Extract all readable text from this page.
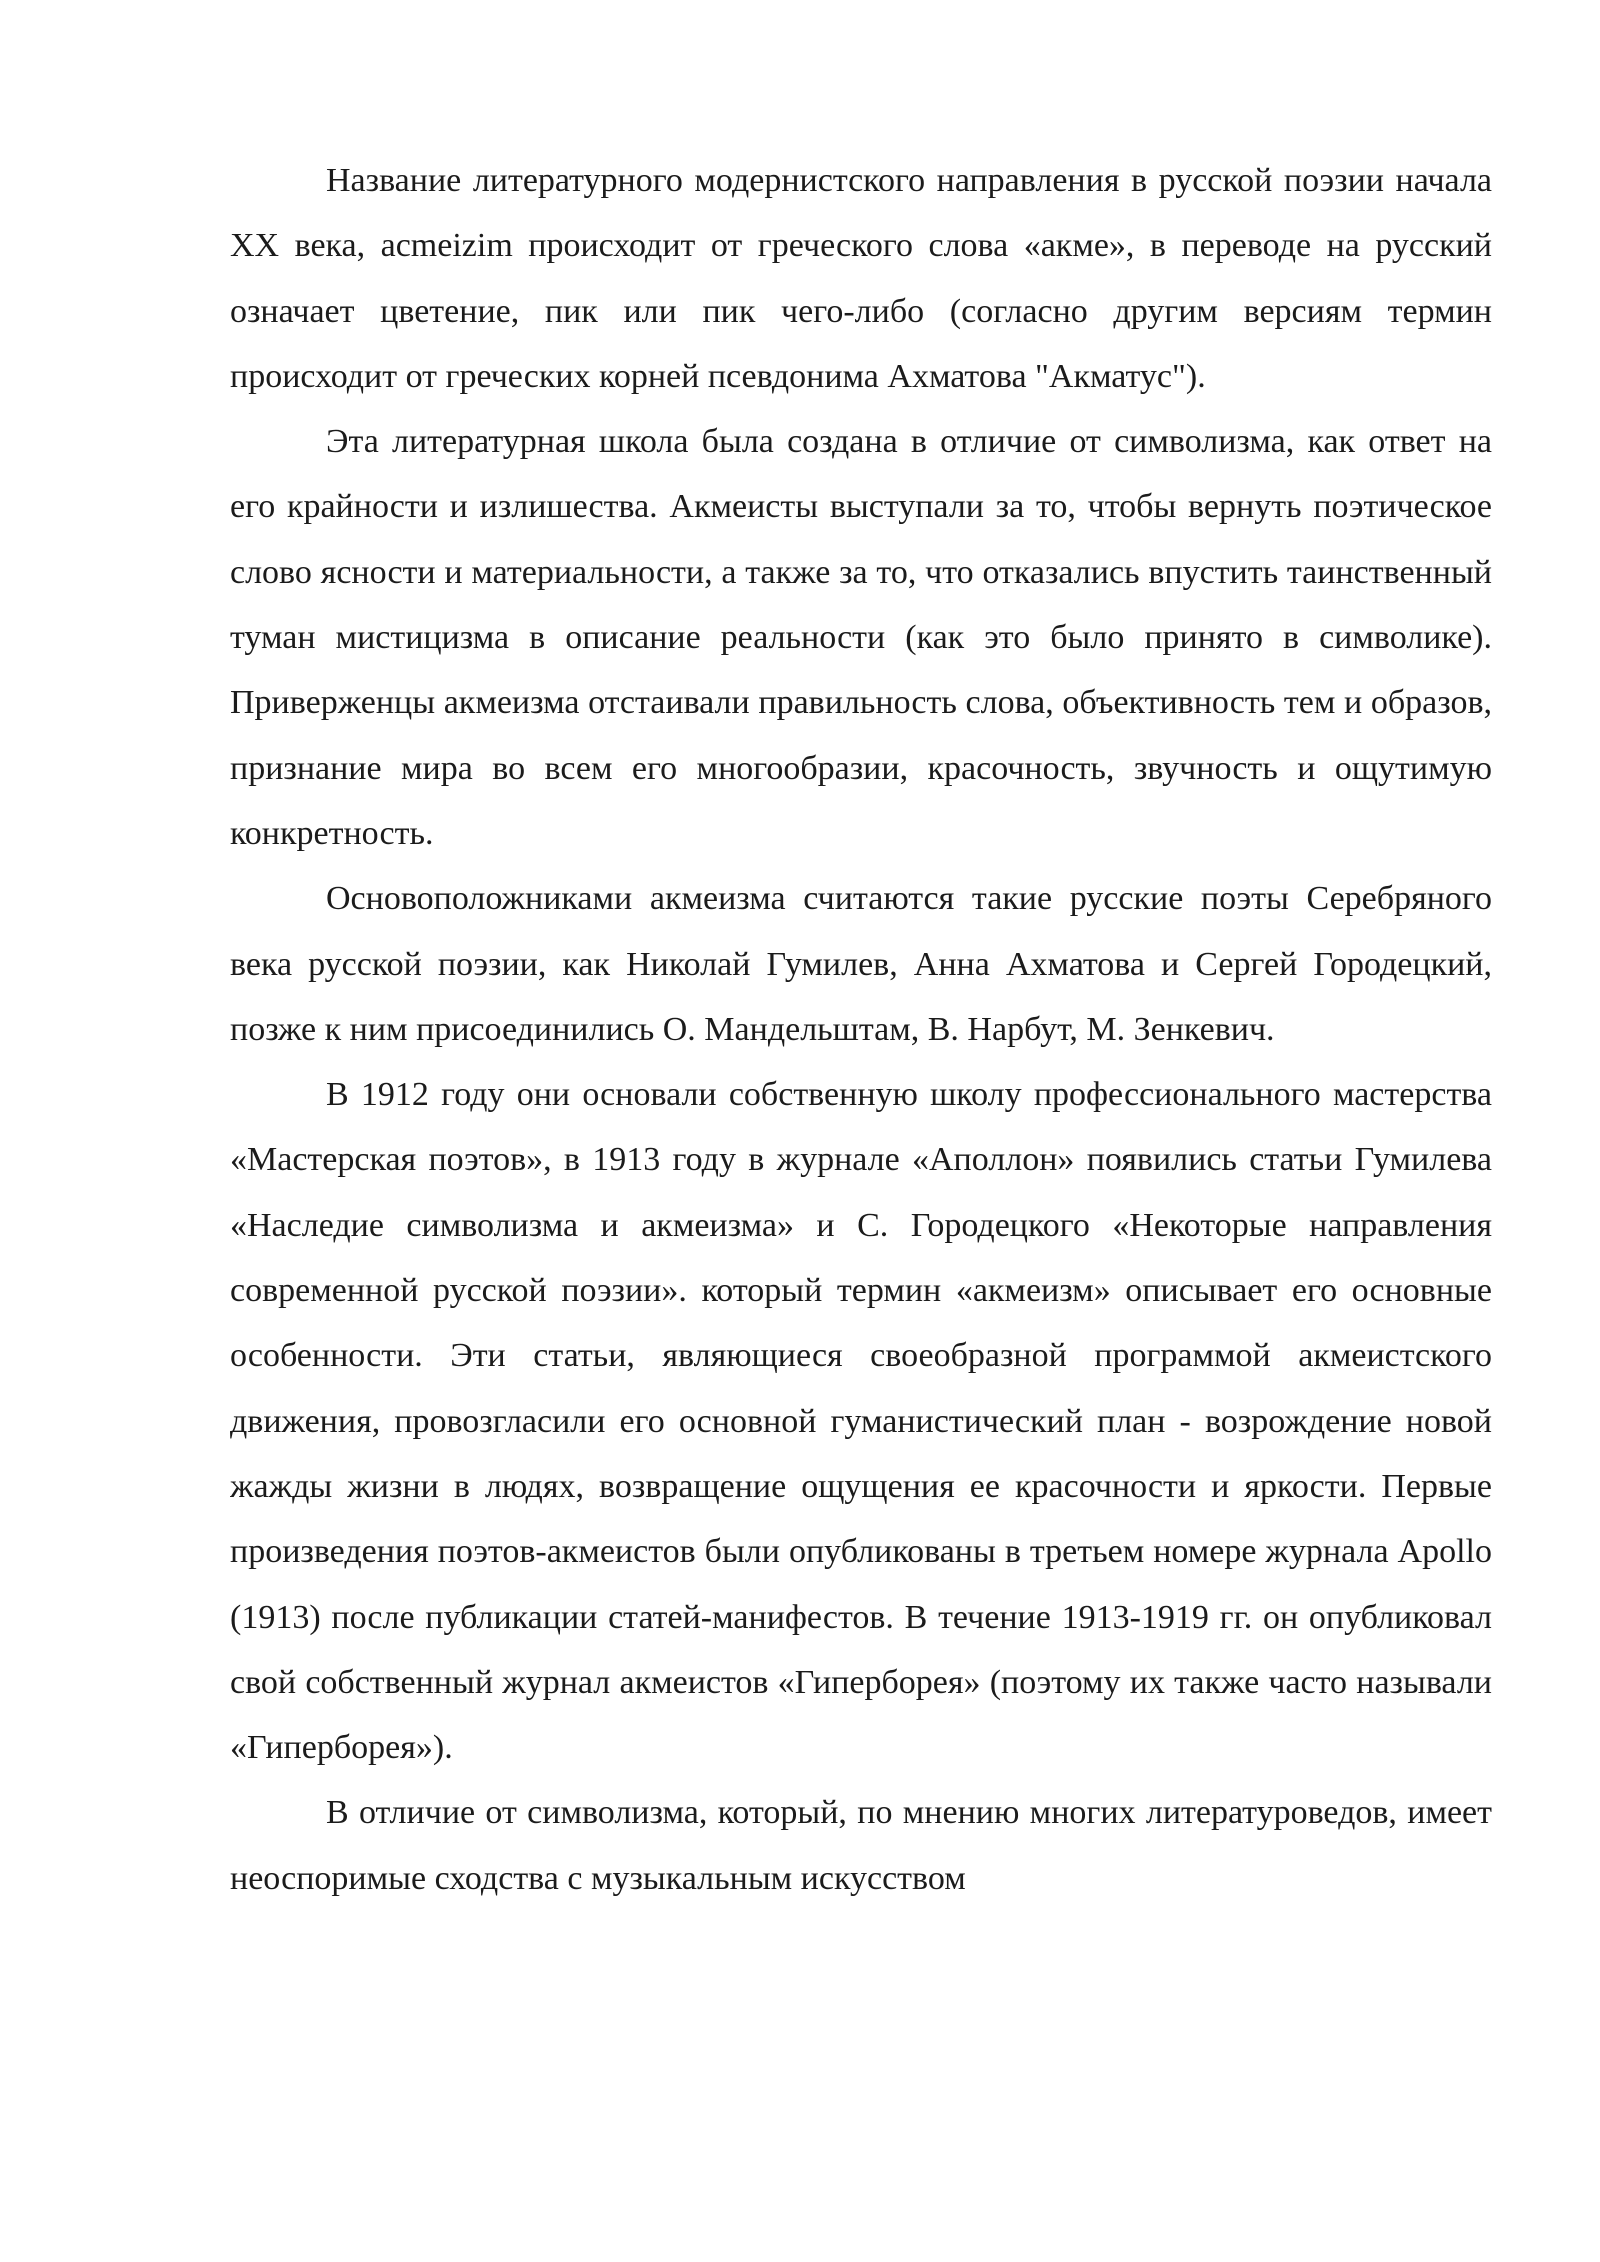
Название литературного модернистского направления в русской поэзии начала XX века, acmeizim происходит от греческого слова «акме», в переводе на русский означает цветение, пик или пик чего-либо (согласно другим версиям термин происходит от греческих корней псевдонима Ахматова "Акматус").

Эта литературная школа была создана в отличие от символизма, как ответ на его крайности и излишества. Акмеисты выступали за то, чтобы вернуть поэтическое слово ясности и материальности, а также за то, что отказались впустить таинственный туман мистицизма в описание реальности (как это было принято в символике). Приверженцы акмеизма отстаивали правильность слова, объективность тем и образов, признание мира во всем его многообразии, красочность, звучность и ощутимую конкретность.

Основоположниками акмеизма считаются такие русские поэты Серебряного века русской поэзии, как Николай Гумилев, Анна Ахматова и Сергей Городецкий, позже к ним присоединились О. Мандельштам, В. Нарбут, М. Зенкевич.

В 1912 году они основали собственную школу профессионального мастерства «Мастерская поэтов», в 1913 году в журнале «Аполлон» появились статьи Гумилева «Наследие символизма и акмеизма» и С. Городецкого «Некоторые направления современной русской поэзии». который термин «акмеизм» описывает его основные особенности. Эти статьи, являющиеся своеобразной программой акмеистского движения, провозгласили его основной гуманистический план - возрождение новой жажды жизни в людях, возвращение ощущения ее красочности и яркости. Первые произведения поэтов-акмеистов были опубликованы в третьем номере журнала Apollo (1913) после публикации статей-манифестов. В течение 1913-1919 гг. он опубликовал свой собственный журнал акмеистов «Гиперборея» (поэтому их также часто называли «Гиперборея»).

В отличие от символизма, который, по мнению многих литературоведов, имеет неоспоримые сходства с музыкальным искусством
